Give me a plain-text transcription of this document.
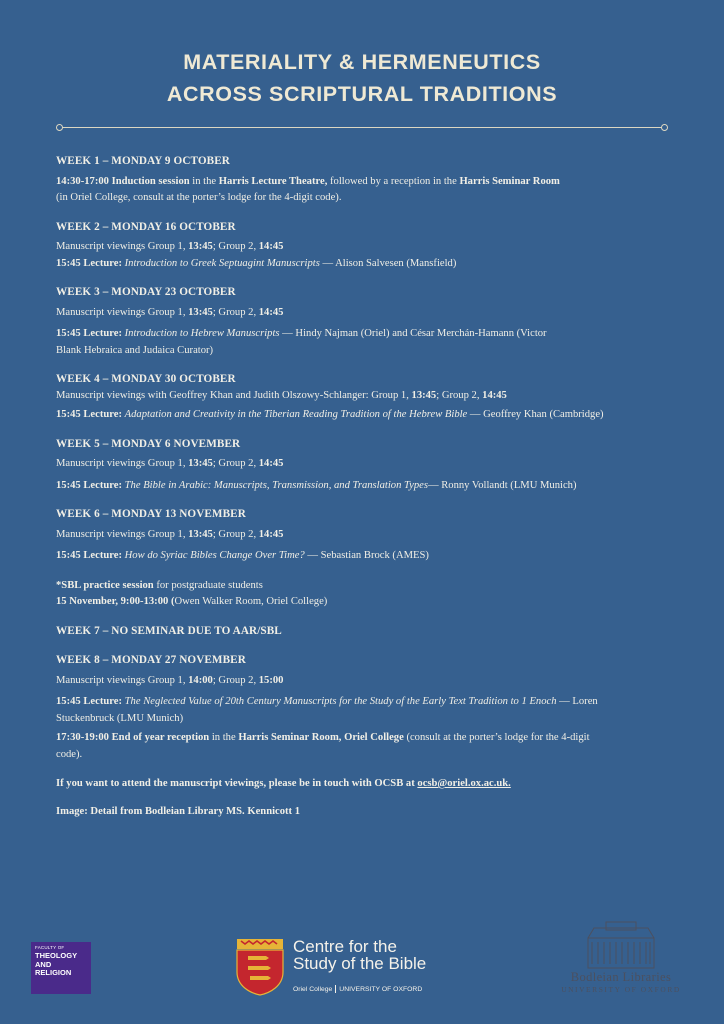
MATERIALITY & HERMENEUTICS
ACROSS SCRIPTURAL TRADITIONS
WEEK 1 – MONDAY 9 OCTOBER
14:30-17:00 Induction session in the Harris Lecture Theatre, followed by a reception in the Harris Seminar Room
(in Oriel College, consult at the porter’s lodge for the 4-digit code).
WEEK 2 – MONDAY 16 OCTOBER
Manuscript viewings Group 1, 13:45; Group 2, 14:45
15:45 Lecture: Introduction to Greek Septuagint Manuscripts — Alison Salvesen (Mansfield)
WEEK 3 – MONDAY 23 OCTOBER
Manuscript viewings Group 1, 13:45; Group 2, 14:45
15:45 Lecture: Introduction to Hebrew Manuscripts — Hindy Najman (Oriel) and César Merchán-Hamann (Victor
Blank Hebraica and Judaica Curator)
WEEK 4 – MONDAY 30 OCTOBER
Manuscript viewings with Geoffrey Khan and Judith Olszowy-Schlanger: Group 1, 13:45; Group 2, 14:45
15:45 Lecture: Adaptation and Creativity in the Tiberian Reading Tradition of the Hebrew Bible — Geoffrey Khan (Cambridge)
WEEK 5 – MONDAY 6 NOVEMBER
Manuscript viewings Group 1, 13:45; Group 2, 14:45
15:45 Lecture: The Bible in Arabic: Manuscripts, Transmission, and Translation Types— Ronny Vollandt (LMU Munich)
WEEK 6 – MONDAY 13 NOVEMBER
Manuscript viewings Group 1, 13:45; Group 2, 14:45
15:45 Lecture: How do Syriac Bibles Change Over Time? — Sebastian Brock (AMES)
*SBL practice session for postgraduate students
15 November, 9:00-13:00 (Owen Walker Room, Oriel College)
WEEK 7 – NO SEMINAR DUE TO AAR/SBL
WEEK 8 – MONDAY 27 NOVEMBER
Manuscript viewings Group 1, 14:00; Group 2, 15:00
15:45 Lecture: The Neglected Value of 20th Century Manuscripts for the Study of the Early Text Tradition to 1 Enoch — Loren
Stuckenbruck (LMU Munich)
17:30-19:00 End of year reception in the Harris Seminar Room, Oriel College (consult at the porter’s lodge for the 4-digit
code).
If you want to attend the manuscript viewings, please be in touch with OCSB at ocsb@oriel.ox.ac.uk.
Image: Detail from Bodleian Library MS. Kennicott 1
FACULTY OF
THEOLOGY
AND
RELIGION
Centre for the
Study of the Bible
Oriel College UNIVERSITY OF OXFORD
Bodleian Libraries
UNIVERSITY OF OXFORD
